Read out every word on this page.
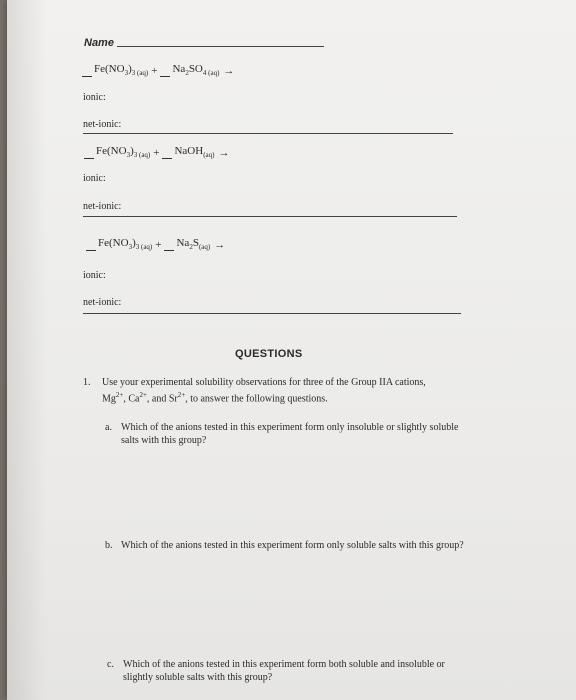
Name
$Fe(NO_3)_{3 (aq)} + Na_2SO_{4 (aq)}$ →
ionic:
net-ionic:
$Fe(NO_3)_{3 (aq)}$ + NaOH$_{(aq)}$ →
ionic:
net-ionic:
$Fe(NO_3)_{3 (aq)} + Na_2S_{(aq)}$ →
ionic:
net-ionic:
QUESTIONS
1. Use your experimental solubility observations for three of the Group IIA cations,
$Mg^{2+}$, $Ca^{2+}$, and $Sr^{2+}$, to answer the following questions.
a. Which of the anions tested in this experiment form only insoluble or slightly soluble salts with this group?
b. Which of the anions tested in this experiment form only soluble salts with this group?
c. Which of the anions tested in this experiment form both soluble and insoluble or slightly soluble salts with this group?
